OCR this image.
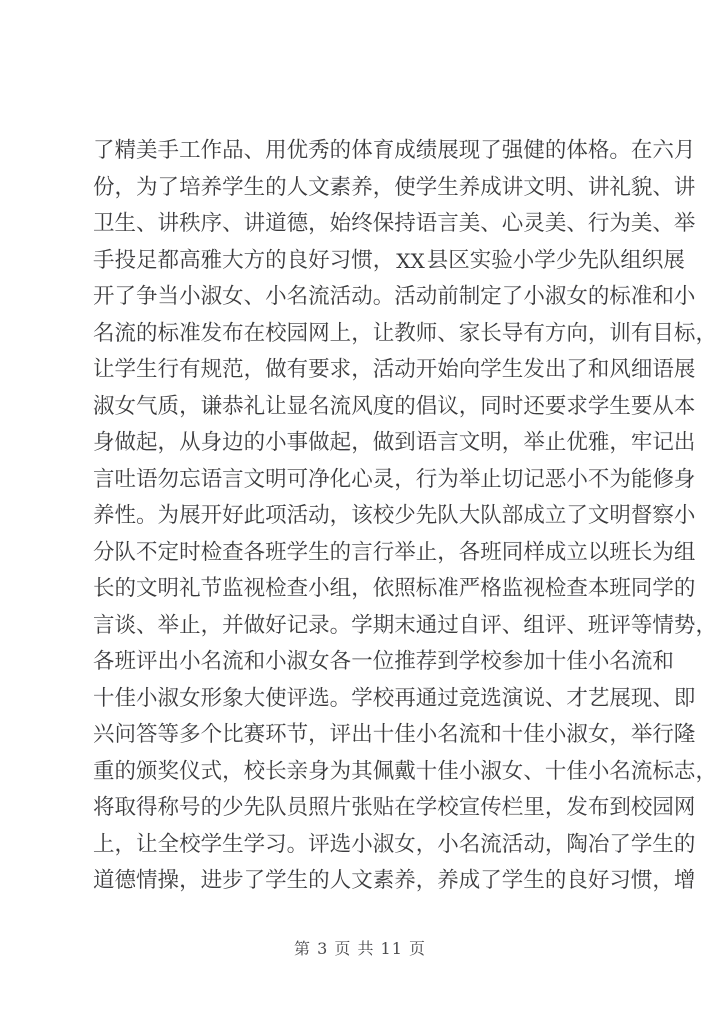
了 精 美 手 工 作 品 、 用 优 秀 的 体 育 成 绩 展 现 了 强 健 的 体 格 。 在 六 月
份 ， 为 了 培 养 学 生 的 人 文 素 养 ， 使 学 生 养 成 讲 文 明 、 讲 礼 貌 、 讲
卫 生 、 讲 秩 序 、 讲 道 德 ， 始 终 保 持 语 言 美 、 心 灵 美 、 行 为 美 、 举
手 投 足 都 高 雅 大 方 的 良 好 习 惯 ， XX 县 区 实 验 小 学 少 先 队 组 织 展
开 了 争 当 小 淑 女 、 小 名 流 活 动 。 活 动 前 制 定 了 小 淑 女 的 标 准 和 小
名 流 的 标 准 发 布 在 校 园 网 上 ， 让 教 师 、 家 长 导 有 方 向 ， 训 有 目 标 ，
让 学 生 行 有 规 范 ， 做 有 要 求 ， 活 动 开 始 向 学 生 发 出 了 和 风 细 语 展
淑 女 气 质 ， 谦 恭 礼 让 显 名 流 风 度 的 倡 议 ， 同 时 还 要 求 学 生 要 从 本
身 做 起 ， 从 身 边 的 小 事 做 起 ， 做 到 语 言 文 明 ， 举 止 优 雅 ， 牢 记 出
言 吐 语 勿 忘 语 言 文 明 可 净 化 心 灵 ， 行 为 举 止 切 记 恶 小 不 为 能 修 身
养 性 。 为 展 开 好 此 项 活 动 ， 该 校 少 先 队 大 队 部 成 立 了 文 明 督 察 小
分 队 不 定 时 检 查 各 班 学 生 的 言 行 举 止 ， 各 班 同 样 成 立 以 班 长 为 组
长 的 文 明 礼 节 监 视 检 查 小 组 ， 依 照 标 准 严 格 监 视 检 查 本 班 同 学 的
言 谈 、 举 止 ， 并 做 好 记 录 。 学 期 末 通 过 自 评 、 组 评 、 班 评 等 情 势 ，
各 班 评 出 小 名 流 和 小 淑 女 各 一 位 推 荐 到 学 校 参 加 十 佳 小 名 流 和
十 佳 小 淑 女 形 象 大 使 评 选 。 学 校 再 通 过 竞 选 演 说 、 才 艺 展 现 、 即
兴 问 答 等 多 个 比 赛 环 节 ， 评 出 十 佳 小 名 流 和 十 佳 小 淑 女 ， 举 行 隆
重 的 颁 奖 仪 式 ， 校 长 亲 身 为 其 佩 戴 十 佳 小 淑 女 、 十 佳 小 名 流 标 志 ，
将 取 得 称 号 的 少 先 队 员 照 片 张 贴 在 学 校 宣 传 栏 里 ， 发 布 到 校 园 网
上 ， 让 全 校 学 生 学 习 。 评 选 小 淑 女 ， 小 名 流 活 动 ， 陶 冶 了 学 生 的
道 德 情 操 ， 进 步 了 学 生 的 人 文 素 养 ， 养 成 了 学 生 的 良 好 习 惯 ， 增
第 3 页 共 11 页
